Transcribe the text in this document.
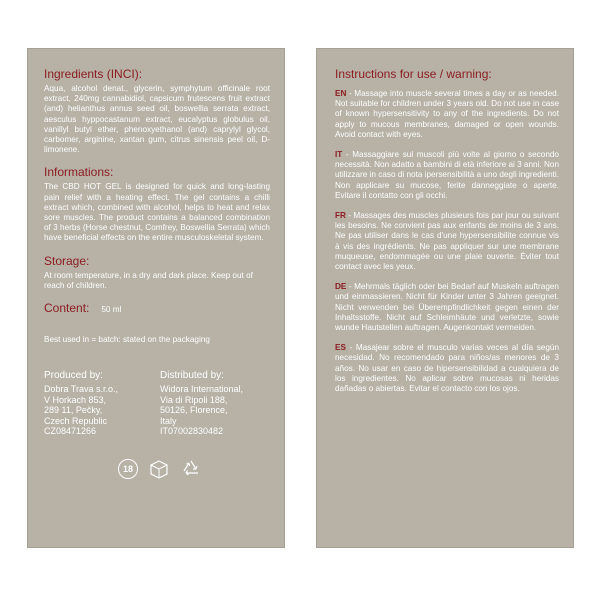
Ingredients (INCI):

Aqua, alcohol denat., glycerin, symphytum officinale root extract, 240mg cannabidiol, capsicum frutescens fruit extract (and) helianthus annus seed oil, boswellia serrata extract, aesculus hyppocastanum extract, eucalyptus globulus oil, vanillyl butyl ether, phenoxyethanol (and) caprylyl glycol, carbomer, arginine, xantan gum, citrus sinensis peel oil, D-limonene.

Informations:

The CBD HOT GEL is designed for quick and long-lasting pain relief with a heating effect. The gel contains a chilli extract which, combined with alcohol, helps to heat and relax sore muscles. The product contains a balanced combination of 3 herbs (Horse chestnut, Comfrey, Boswellia Serrata) which have beneficial effects on the entire musculoskeletal system.

Storage:

At room temperature, in a dry and dark place. Keep out of reach of children.

Content: 50 ml
Best used in = batch: stated on the packaging
Produced by:
Dobra Trava s.r.o.,
V Horkach 853,
289 11, Pečky,
Czech Republic
CZ08471266
Distributed by:
Widora International,
Via di Ripoli 188,
50126, Florence,
Italy
IT07002830482
18
Instructions for use / warning:

EN - Massage into muscle several times a day or as needed. Not suitable for children under 3 years old. Do not use in case of known hypersensitivity to any of the ingredients. Do not apply to mucous membranes, damaged or open wounds. Avoid contact with eyes.

IT - Massaggiare sul muscoli più volte al giorno o secondo necessità. Non adatto a bambini di età inferiore ai 3 anni. Non utilizzare in caso di nota ipersensibilità a uno degli ingredienti. Non applicare su mucose, ferite danneggiate o aperte. Evitare il contatto con gli occhi.

FR - Massages des muscles plusieurs fois par jour ou suivant les besoins. Ne convient pas aux enfants de moins de 3 ans. Ne pas utiliser dans le cas d'une hypersensibilite connue vis à vis des ingrédients. Ne pas appliquer sur une membrane muqueuse, endommagée ou une plaie ouverte. Éviter tout contact avec les yeux.

DE - Mehrmals täglich oder bei Bedarf auf Muskeln auftragen und einmassieren. Nicht für Kinder unter 3 Jahren geeignet. Nicht verwenden bei Überempfindlichkeit gegen einen der Inhaltsstoffe. Nicht auf Schleimhäute und verletzte, sowie wunde Hautstellen auftragen. Augenkontakt vermeiden.

ES - Masajear sobre el musculo varias veces al día según necesidad. No recomendado para niños/as menores de 3 años. No usar en caso de hipersensibilidad a cualquiera de los ingredientes. No aplicar sobre mucosas ni heridas dañadas o abiertas. Evitar el contacto con los ojos.
